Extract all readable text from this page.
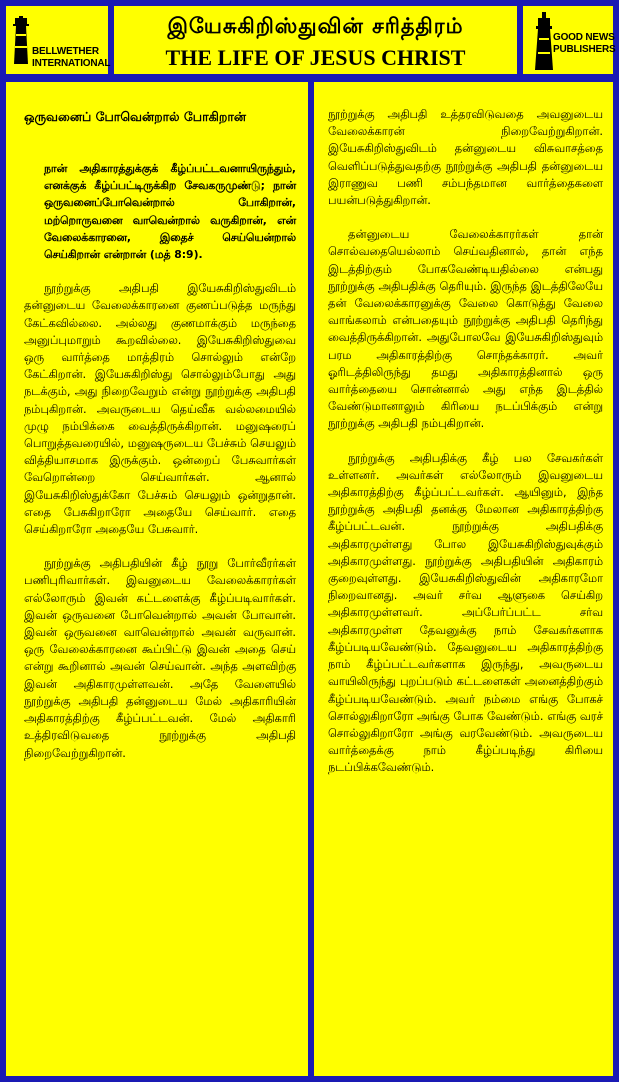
BELLWETHER
INTERNATIONAL
இயேசுகிறிஸ்துவின் சரித்திரம்
THE LIFE OF JESUS CHRIST
GOOD NEWS
PUBLISHERS
ஒருவனைப் போவென்றால் போகிறான்
நான் அதிகாரத்துக்குக் கீழ்ப்பட்டவனாயிருந்தும், எனக்குக் கீழ்ப்பட்டிருக்கிற சேவகருமுண்டு; நான் ஒருவனைப்போவென்றால் போகிறான், மற்றொருவனை வாவென்றால் வருகிறான், என் வேலைக்காரனை, இதைச் செய்யென்றால் செய்கிறான் என்றான் (மத் 8:9).

நூற்றுக்கு அதிபதி இயேசுகிறிஸ்துவிடம் தன்னுடைய வேலைக்காரனை குணப்படுத்த மருந்து கேட்கவில்லை. அல்லது குணமாக்கும் மருந்தை அனுப்புமாறும் கூறவில்லை. இயேசுகிறிஸ்துவை ஒரு வார்த்தை மாத்திரம் சொல்லும் என்றே கேட்கிறான். இயேசுகிறிஸ்து சொல்லும்போது அது நடக்கும், அது நிறைவேறும் என்று நூற்றுக்கு அதிபதி நம்புகிறான். அவருடைய தெய்வீக வல்லமையில் முழு நம்பிக்கை வைத்திருக்கிறான். மனுஷரைப் பொறுத்தவரையில், மனுஷருடைய பேச்சும் செயலும் வித்தியாசமாக இருக்கும். ஒன்றைப் பேசுவார்கள் வேறொன்றை செய்வார்கள். ஆனால் இயேசுகிறிஸ்துக்கோ பேச்சும் செயலும் ஒன்றுதான். எதை பேசுகிறாரோ அதையே செய்வார். எதை செய்கிறாரோ அதையே பேசுவார்.

நூற்றுக்கு அதிபதியின் கீழ் நூறு போர்வீரர்கள் பணிபுரிவார்கள். இவனுடைய வேலைக்காரர்கள் எல்லோரும் இவன் கட்டளைக்கு கீழ்ப்படிவார்கள். இவன் ஒருவனை போவென்றால் அவன் போவான். இவன் ஒருவனை வாவென்றால் அவன் வருவான். ஒரு வேலைக்காரனை கூப்பிட்டு இவன் அதை செய் என்று கூறினால் அவன் செய்வான். அந்த அளவிற்கு இவன் அதிகாரமுள்ளவன். அதே வேளையில் நூற்றுக்கு அதிபதி தன்னுடைய மேல் அதிகாரியின் அதிகாரத்திற்கு கீழ்ப்பட்டவன். மேல் அதிகாரி உத்திரவிடுவதை நூற்றுக்கு அதிபதி நிறைவேற்றுகிறான்.

நூற்றுக்கு அதிபதி உத்தரவிடுவதை அவனுடைய வேலைக்காரன் நிறைவேற்றுகிறான். இயேசுகிறிஸ்துவிடம் தன்னுடைய விசுவாசத்தை வெளிப்படுத்துவதற்கு நூற்றுக்கு அதிபதி தன்னுடைய இராணுவ பணி சம்பந்தமான வார்த்தைகளை பயன்படுத்துகிறான்.

தன்னுடைய வேலைக்காரர்கள் தான் சொல்வதையெல்லாம் செய்வதினால், தான் எந்த இடத்திற்கும் போகவேண்டியதில்லை என்பது நூற்றுக்கு அதிபதிக்கு தெரியும். இருந்த இடத்திலேயே தன் வேலைக்காரனுக்கு வேலை கொடுத்து வேலை வாங்கலாம் என்பதையும் நூற்றுக்கு அதிபதி தெரிந்து வைத்திருக்கிறான். அதுபோலவே இயேசுகிறிஸ்துவும் பரம அதிகாரத்திற்கு சொந்தக்காரர். அவர் ஓரிடத்திலிருந்து தமது அதிகாரத்தினால் ஒரு வார்த்தையை சொன்னால் அது எந்த இடத்தில் வேண்டுமானாலும் கிரியை நடப்பிக்கும் என்று நூற்றுக்கு அதிபதி நம்புகிறான்.

நூற்றுக்கு அதிபதிக்கு கீழ் பல சேவகர்கள் உள்ளனர். அவர்கள் எல்லோரும் இவனுடைய அதிகாரத்திற்கு கீழ்ப்பட்டவர்கள். ஆயினும், இந்த நூற்றுக்கு அதிபதி தனக்கு மேலான அதிகாரத்திற்கு கீழ்ப்பட்டவன். நூற்றுக்கு அதிபதிக்கு அதிகாரமுள்ளது போல இயேசுகிறிஸ்துவுக்கும் அதிகாரமுள்ளது. நூற்றுக்கு அதிபதியின் அதிகாரம் குறைவுள்ளது. இயேசுகிறிஸ்துவின் அதிகாரமோ நிறைவானது. அவர் சர்வ ஆளுகை செய்கிற அதிகாரமுள்ளவர். அப்பேர்ப்பட்ட சர்வ அதிகாரமுள்ள தேவனுக்கு நாம் சேவகர்களாக கீழ்ப்படியவேண்டும். தேவனுடைய அதிகாரத்திற்கு நாம் கீழ்ப்பட்டவர்களாக இருந்து, அவருடைய வாயிலிருந்து புறப்படும் கட்டளைகள் அனைத்திற்கும் கீழ்ப்படியவேண்டும். அவர் நம்மை எங்கு போகச் சொல்லுகிறாரோ அங்கு போக வேண்டும். எங்கு வரச் சொல்லுகிறாரோ அங்கு வரவேண்டும். அவருடைய வார்த்தைக்கு நாம் கீழ்ப்படிந்து கிரியை நடப்பிக்கவேண்டும்.
